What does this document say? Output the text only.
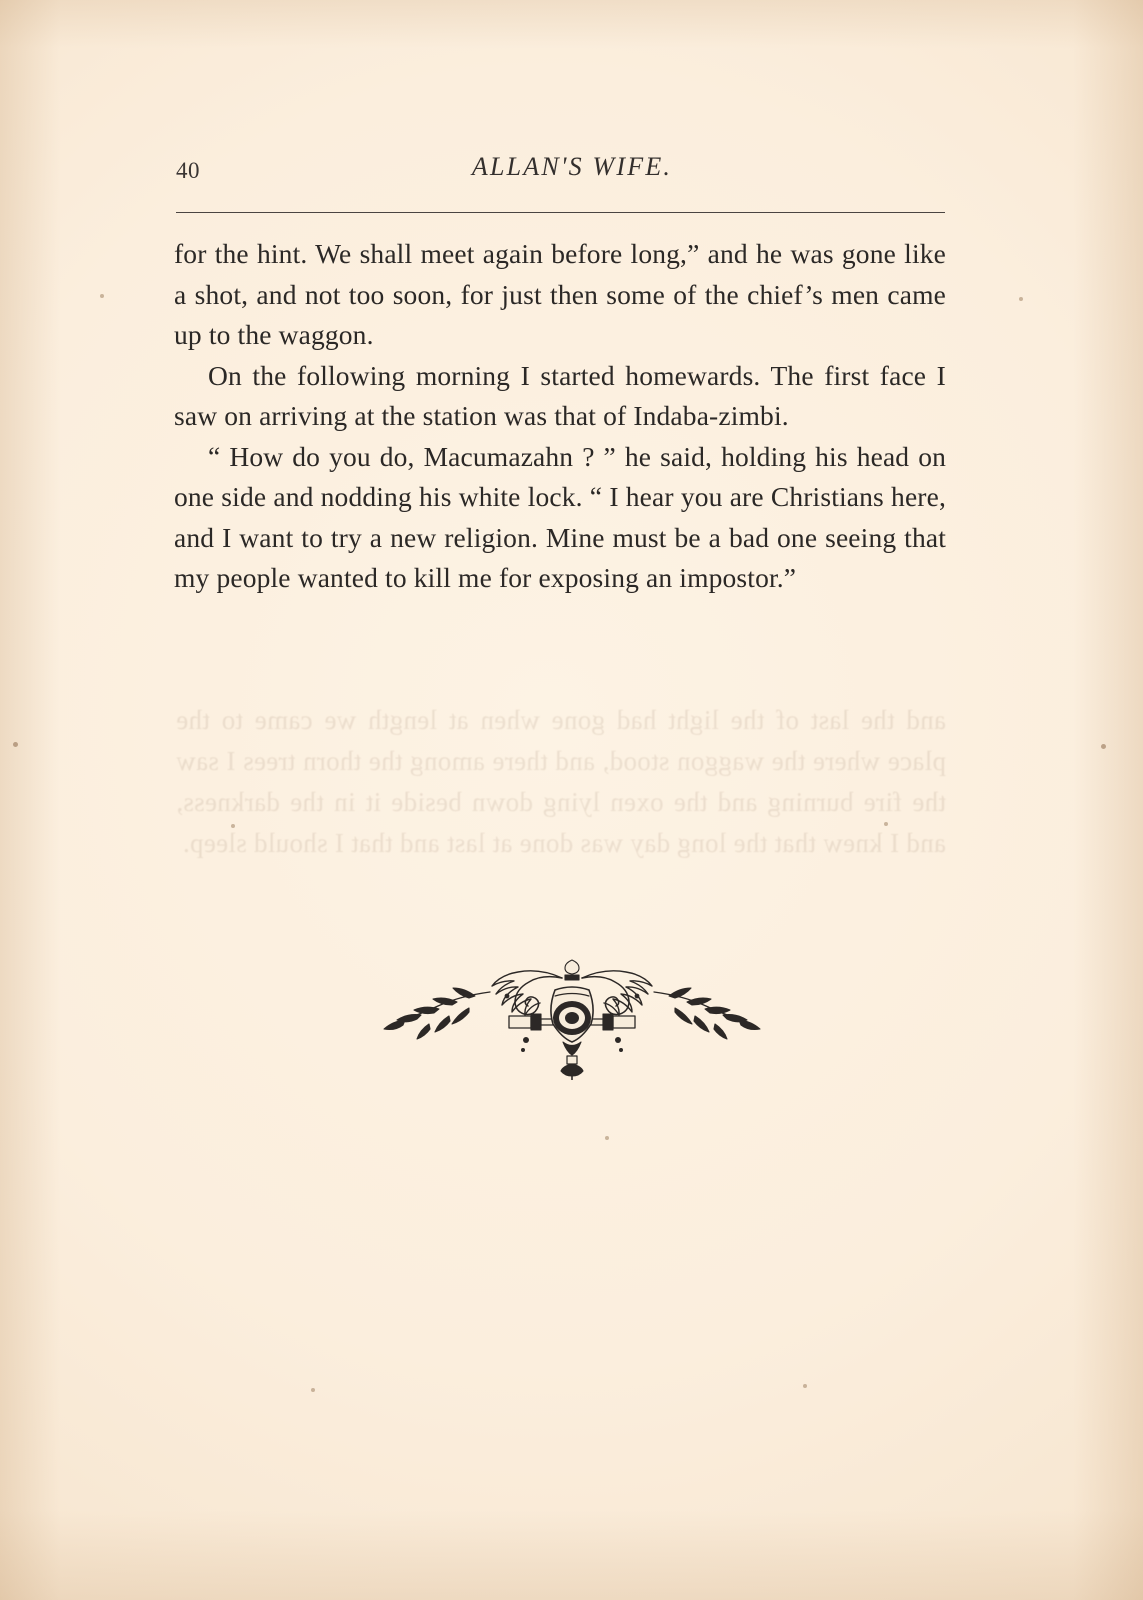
40	ALLAN'S WIFE.

for the hint. We shall meet again before long,” and he was gone like a shot, and not too soon, for just then some of the chief’s men came up to the waggon.

On the following morning I started homewards. The first face I saw on arriving at the station was that of Indaba-zimbi.

“ How do you do, Macumazahn ? ” he said, holding his head on one side and nodding his white lock. “ I hear you are Christians here, and I want to try a new religion. Mine must be a bad one seeing that my people wanted to kill me for exposing an impostor.”
